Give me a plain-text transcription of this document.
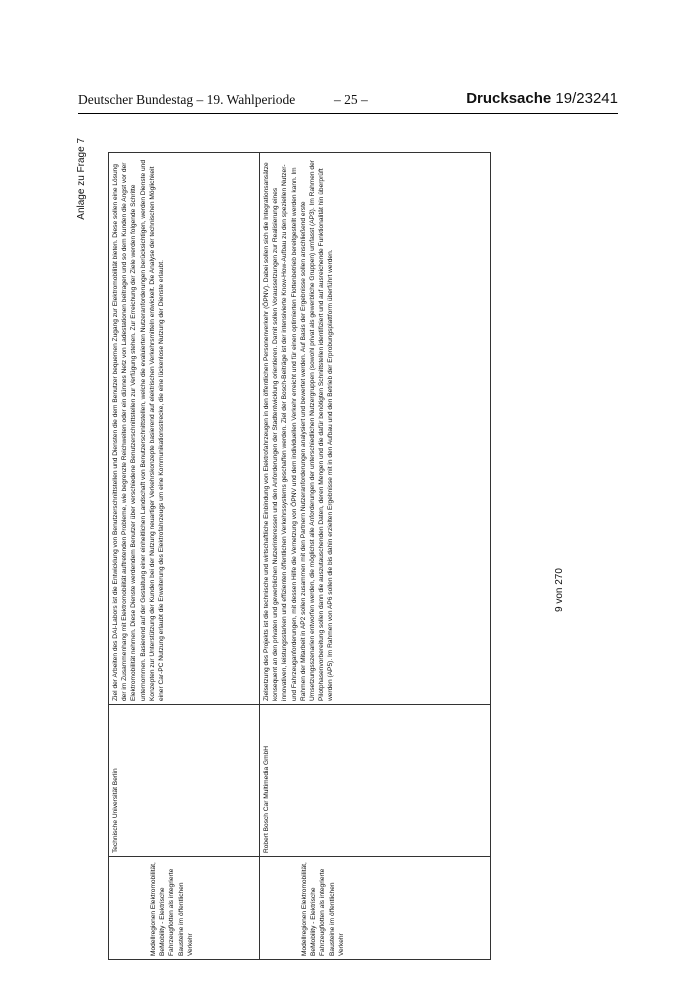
Deutscher Bundestag – 19. Wahlperiode	– 25 –	Drucksache 19/23241
Anlage zu Frage 7
Modellregionen Elektromobilität, BeMobility - Elektrische Fahrzeugflotten als integrierte Bausteine im öffentlichen Verkehr	Technische Universität Berlin	Ziel der Arbeiten des DAI-Labors ist die Entwicklung von Benutzerschnittstellen und Diensten die dem Benutzer bequemen Zugang zur Elektromobilität bieten. Diese sollen eine Lösung der im Zusammenhang mit Elektromobilität auftretenden Probleme, wie begrenzte Reichweiten oder ein dünnes Netz von Ladestationen beitragen und so dem Kunden die Angst vor der Elektromobilität nehmen. Diese Dienste werdendem Benutzer über verschiedene Benutzerschnittstellen zur Verfügung stehen. Zur Erreichung der Ziele werden folgende Schritte unternommen. Basierend auf der Gestaltung einer einheitlichen Landschaft von Benutzerschnittstellen, welche die evaluierten Nutzeranforderungen berücksichtigen, werden Dienste und Konzepten zur Unterstützung der Kunden bei der Nutzung neuartiger Verkehrskonzepte basierend auf elektrischen Verkehrsmitteln entwickelt. Die Analyse der technischen Möglichkeit einer Car-PC Nutzung erlaubt die Erweiterung des Elektrofahrzeugs um eine Kommunikationsstrecke, die eine lückenlose Nutzung der Dienste erlaubt.

Modellregionen Elektromobilität, BeMobility - Elektrische Fahrzeugflotten als integrierte Bausteine im öffentlichen Verkehr	Robert Bosch Car Multimedia GmbH	Zielsetzung des Projekts ist die technische und wirtschaftliche Einbindung von Elektrofahrzeugen in den öffentlichen Personenverkehr (ÖPNV). Dabei sollen sich die Integrationsansätze konsequent an den privaten und gewerblichen Nutzerinteressen und den Anforderungen der Stadtentwicklung orientieren. Damit sollen Voraussetzungen zur Realisierung eines innovativen, leistungsstarken und effizienten öffentlichen Verkehrssystems geschaffen werden. Ziel der Bosch-Beiträge ist der intensivierte Know-How-Aufbau zu den speziellen Nutzer- und Fahrzeuganforderungen, mit dessen Hilfe die Vernetzung von ÖPNV und dem individuellen Verkehr erreicht und für einen optimierten Flottenbetrieb bereitgestellt werden kann. Im Rahmen der Mitarbeit in AP2 sollen zusammen mit den Partnern Nutzeranforderungen analysiert und bewertet werden. Auf Basis der Ergebnisse sollen anschließend erste Umsetzungsszenarien entworfen werden, die möglichst alle Anforderungen der unterschiedlichen Nutzergruppen (sowohl privat als gewerbliche Gruppen) umfasst (AP3). Im Rahmen der Pilotphasenvorbereitung sollen dann die auszutauschenden Daten, deren Mengen und die dafür benötigten Schnittstellen identifiziert und auf ausreichende Funktionalität hin überprüft werden (AP5). Im Rahmen von AP6 sollen die bis dahin erzielten Ergebnisse mit in den Aufbau und den Betrieb der Erprobungsplattform überführt werden.	9 von 270
